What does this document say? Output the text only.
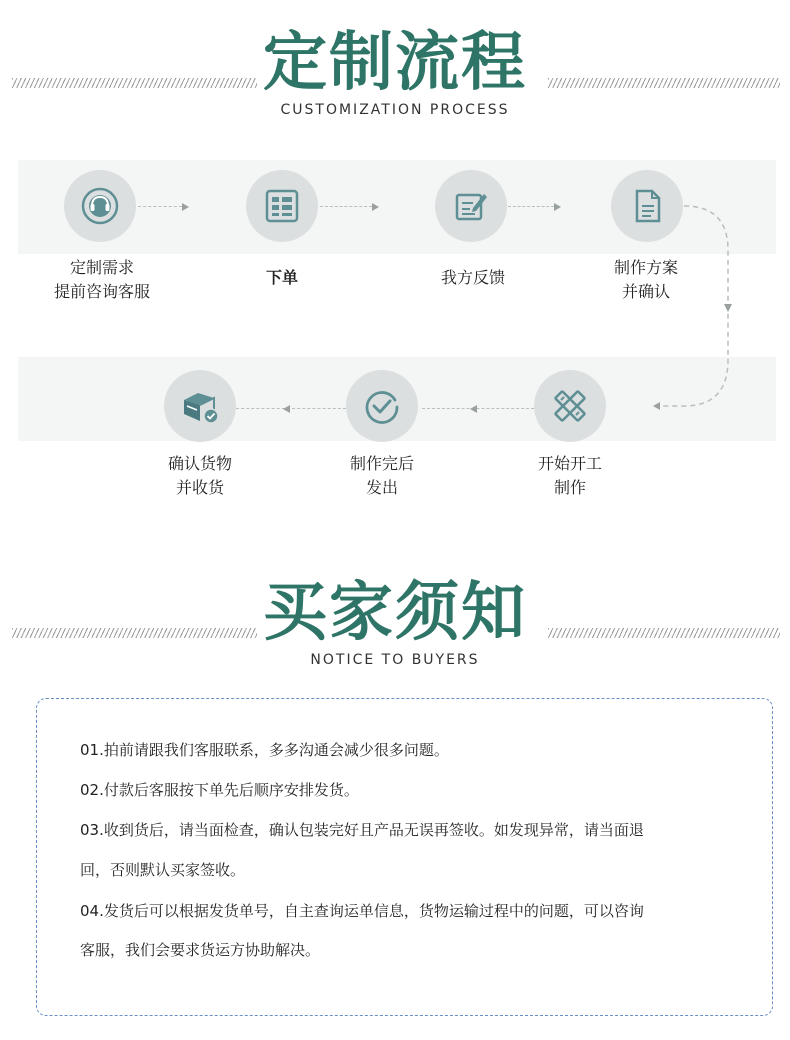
定制流程
CUSTOMIZATION PROCESS
定制需求
提前咨询客服
下单	我方反馈
制作方案
并确认
开始开工
制作
制作完后
发出
确认货物
并收货
买家须知
NOTICE TO BUYERS
01.拍前请跟我们客服联系，多多沟通会减少很多问题。
02.付款后客服按下单先后顺序安排发货。
03.收到货后，请当面检查，确认包装完好且产品无误再签收。如发现异常，请当面退
回，否则默认买家签收。
04.发货后可以根据发货单号，自主查询运单信息，货物运输过程中的问题，可以咨询
客服，我们会要求货运方协助解决。
